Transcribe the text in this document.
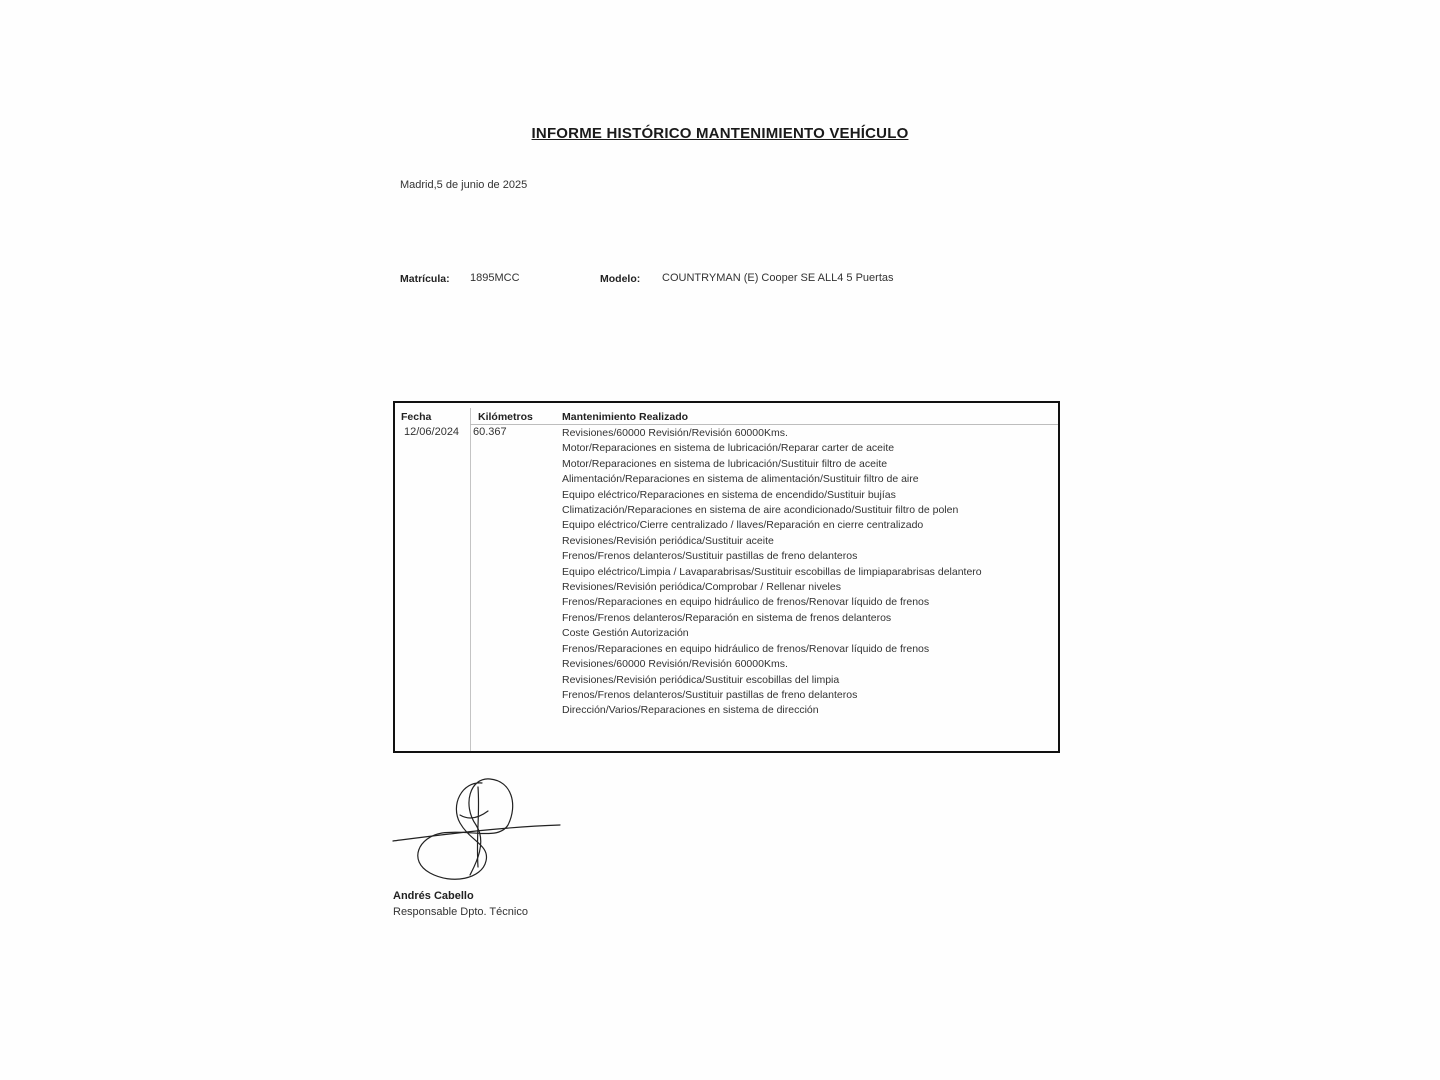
INFORME HISTÓRICO MANTENIMIENTO VEHÍCULO
Madrid,5 de junio de 2025
Matrícula: 1895MCC	Modelo: COUNTRYMAN (E) Cooper SE ALL4 5 Puertas
Fecha	Kilómetros	Mantenimiento Realizado
12/06/2024 60.367	Revisiones/60000 Revisión/Revisión 60000Kms.
Motor/Reparaciones en sistema de lubricación/Reparar carter de aceite
Motor/Reparaciones en sistema de lubricación/Sustituir filtro de aceite
Alimentación/Reparaciones en sistema de alimentación/Sustituir filtro de aire
Equipo eléctrico/Reparaciones en sistema de encendido/Sustituir bujías
Climatización/Reparaciones en sistema de aire acondicionado/Sustituir filtro de polen
Equipo eléctrico/Cierre centralizado / llaves/Reparación en cierre centralizado
Revisiones/Revisión periódica/Sustituir aceite
Frenos/Frenos delanteros/Sustituir pastillas de freno delanteros
Equipo eléctrico/Limpia / Lavaparabrisas/Sustituir escobillas de limpiaparabrisas delantero
Revisiones/Revisión periódica/Comprobar / Rellenar niveles
Frenos/Reparaciones en equipo hidráulico de frenos/Renovar líquido de frenos
Frenos/Frenos delanteros/Reparación en sistema de frenos delanteros
Coste Gestión Autorización
Frenos/Reparaciones en equipo hidráulico de frenos/Renovar líquido de frenos
Revisiones/60000 Revisión/Revisión 60000Kms.
Revisiones/Revisión periódica/Sustituir escobillas del limpia
Frenos/Frenos delanteros/Sustituir pastillas de freno delanteros
Dirección/Varios/Reparaciones en sistema de dirección
Andrés Cabello
Responsable Dpto. Técnico
